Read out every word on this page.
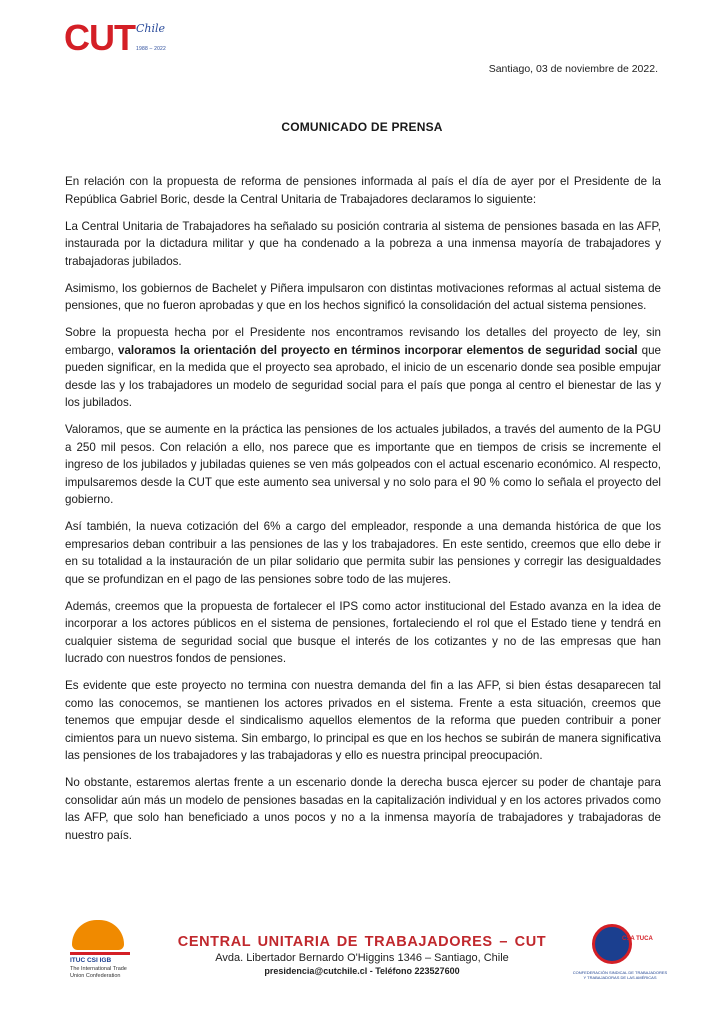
CUT Chile
1988 – 2022
Santiago, 03 de noviembre de 2022.
COMUNICADO DE PRENSA

En relación con la propuesta de reforma de pensiones informada al país el día de ayer por el Presidente de la República Gabriel Boric, desde la Central Unitaria de Trabajadores declaramos lo siguiente:

La Central Unitaria de Trabajadores ha señalado su posición contraria al sistema de pensiones basada en las AFP, instaurada por la dictadura militar y que ha condenado a la pobreza a una inmensa mayoría de trabajadores y trabajadoras jubilados.

Asimismo, los gobiernos de Bachelet y Piñera impulsaron con distintas motivaciones reformas al actual sistema de pensiones, que no fueron aprobadas y que en los hechos significó la consolidación del actual sistema pensiones.

Sobre la propuesta hecha por el Presidente nos encontramos revisando los detalles del proyecto de ley, sin embargo, valoramos la orientación del proyecto en términos incorporar elementos de seguridad social que pueden significar, en la medida que el proyecto sea aprobado, el inicio de un escenario donde sea posible empujar desde las y los trabajadores un modelo de seguridad social para el país que ponga al centro el bienestar de las y los jubilados.

Valoramos, que se aumente en la práctica las pensiones de los actuales jubilados, a través del aumento de la PGU a 250 mil pesos. Con relación a ello, nos parece que es importante que en tiempos de crisis se incremente el ingreso de los jubilados y jubiladas quienes se ven más golpeados con el actual escenario económico. Al respecto, impulsaremos desde la CUT que este aumento sea universal y no solo para el 90 % como lo señala el proyecto del gobierno.

Así también, la nueva cotización del 6% a cargo del empleador, responde a una demanda histórica de que los empresarios deban contribuir a las pensiones de las y los trabajadores. En este sentido, creemos que ello debe ir en su totalidad a la instauración de un pilar solidario que permita subir las pensiones y corregir las desigualdades que se profundizan en el pago de las pensiones sobre todo de las mujeres.

Además, creemos que la propuesta de fortalecer el IPS como actor institucional del Estado avanza en la idea de incorporar a los actores públicos en el sistema de pensiones, fortaleciendo el rol que el Estado tiene y tendrá en cualquier sistema de seguridad social que busque el interés de los cotizantes y no de las empresas que han lucrado con nuestros fondos de pensiones.

Es evidente que este proyecto no termina con nuestra demanda del fin a las AFP, si bien éstas desaparecen tal como las conocemos, se mantienen los actores privados en el sistema. Frente a esta situación, creemos que tenemos que empujar desde el sindicalismo aquellos elementos de la reforma que pueden contribuir a poner cimientos para un nuevo sistema. Sin embargo, lo principal es que en los hechos se subirán de manera significativa las pensiones de los trabajadores y las trabajadoras y ello es nuestra principal preocupación.

No obstante, estaremos alertas frente a un escenario donde la derecha busca ejercer su poder de chantaje para consolidar aún más un modelo de pensiones basadas en la capitalización individual y en los actores privados como las AFP, que solo han beneficiado a unos pocos y no a la inmensa mayoría de trabajadores y trabajadoras de nuestro país.

ITUC CSI IGB
The International Trade Union Confederation
CENTRAL UNITARIA DE TRABAJADORES – CUT
Avda. Libertador Bernardo O'Higgins 1346 – Santiago, Chile
presidencia@cutchile.cl - Teléfono 223527600
CSA TUCA
CONFEDERACIÓN SINDICAL DE TRABAJADORES Y TRABAJADORAS DE LAS AMÉRICAS
